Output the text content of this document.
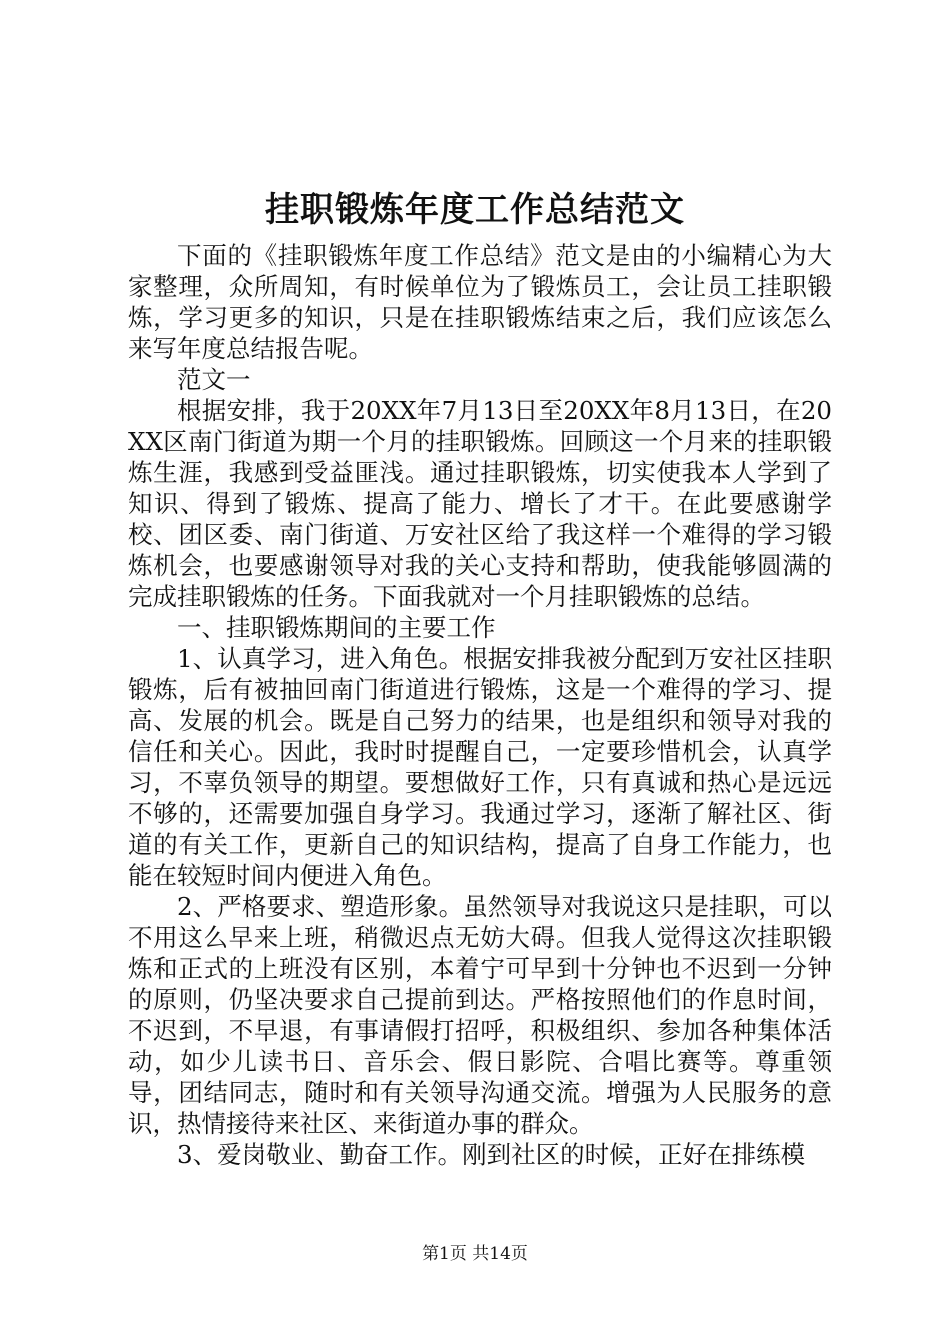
挂职锻炼年度工作总结范文

下面的《挂职锻炼年度工作总结》范文是由的小编精心为大家整理，众所周知，有时候单位为了锻炼员工，会让员工挂职锻炼，学习更多的知识，只是在挂职锻炼结束之后，我们应该怎么来写年度总结报告呢。

范文一

根据安排，我于20XX年7月13日至20XX年8月13日，在20XX区南门街道为期一个月的挂职锻炼。回顾这一个月来的挂职锻炼生涯，我感到受益匪浅。通过挂职锻炼，切实使我本人学到了知识、得到了锻炼、提高了能力、增长了才干。在此要感谢学校、团区委、南门街道、万安社区给了我这样一个难得的学习锻炼机会，也要感谢领导对我的关心支持和帮助，使我能够圆满的完成挂职锻炼的任务。下面我就对一个月挂职锻炼的总结。

一、挂职锻炼期间的主要工作

1、认真学习，进入角色。根据安排我被分配到万安社区挂职锻炼，后有被抽回南门街道进行锻炼，这是一个难得的学习、提高、发展的机会。既是自己努力的结果，也是组织和领导对我的信任和关心。因此，我时时提醒自己，一定要珍惜机会，认真学习，不辜负领导的期望。要想做好工作，只有真诚和热心是远远不够的，还需要加强自身学习。我通过学习，逐渐了解社区、街道的有关工作，更新自己的知识结构，提高了自身工作能力，也能在较短时间内便进入角色。

2、严格要求、塑造形象。虽然领导对我说这只是挂职，可以不用这么早来上班，稍微迟点无妨大碍。但我人觉得这次挂职锻炼和正式的上班没有区别，本着宁可早到十分钟也不迟到一分钟的原则，仍坚决要求自己提前到达。严格按照他们的作息时间，不迟到，不早退，有事请假打招呼，积极组织、参加各种集体活动，如少儿读书日、音乐会、假日影院、合唱比赛等。尊重领导，团结同志，随时和有关领导沟通交流。增强为人民服务的意识，热情接待来社区、来街道办事的群众。

3、爱岗敬业、勤奋工作。刚到社区的时候，正好在排练模

第1页 共14页
